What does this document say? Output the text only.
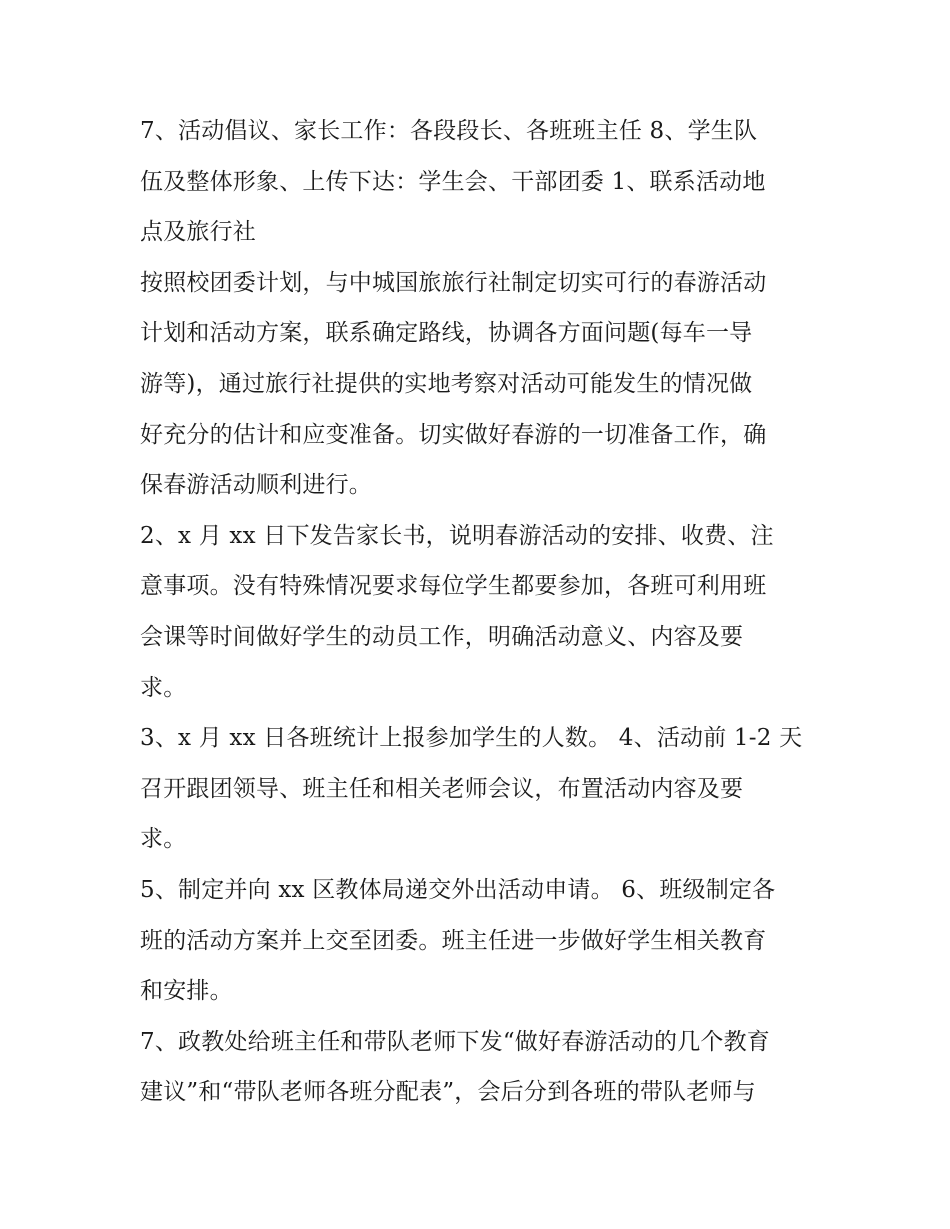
7、活动倡议、家长工作：各段段长、各班班主任 8、学生队
伍及整体形象、上传下达：学生会、干部团委 1、联系活动地
点及旅行社
按照校团委计划，与中城国旅旅行社制定切实可行的春游活动
计划和活动方案，联系确定路线，协调各方面问题(每车一导
游等)，通过旅行社提供的实地考察对活动可能发生的情况做
好充分的估计和应变准备。切实做好春游的一切准备工作，确
保春游活动顺利进行。
2、x 月 xx 日下发告家长书，说明春游活动的安排、收费、注
意事项。没有特殊情况要求每位学生都要参加，各班可利用班
会课等时间做好学生的动员工作，明确活动意义、内容及要
求。
3、x 月 xx 日各班统计上报参加学生的人数。 4、活动前 1-2 天
召开跟团领导、班主任和相关老师会议，布置活动内容及要
求。
5、制定并向 xx 区教体局递交外出活动申请。 6、班级制定各
班的活动方案并上交至团委。班主任进一步做好学生相关教育
和安排。
7、政教处给班主任和带队老师下发“做好春游活动的几个教育
建议”和“带队老师各班分配表”，会后分到各班的带队老师与
